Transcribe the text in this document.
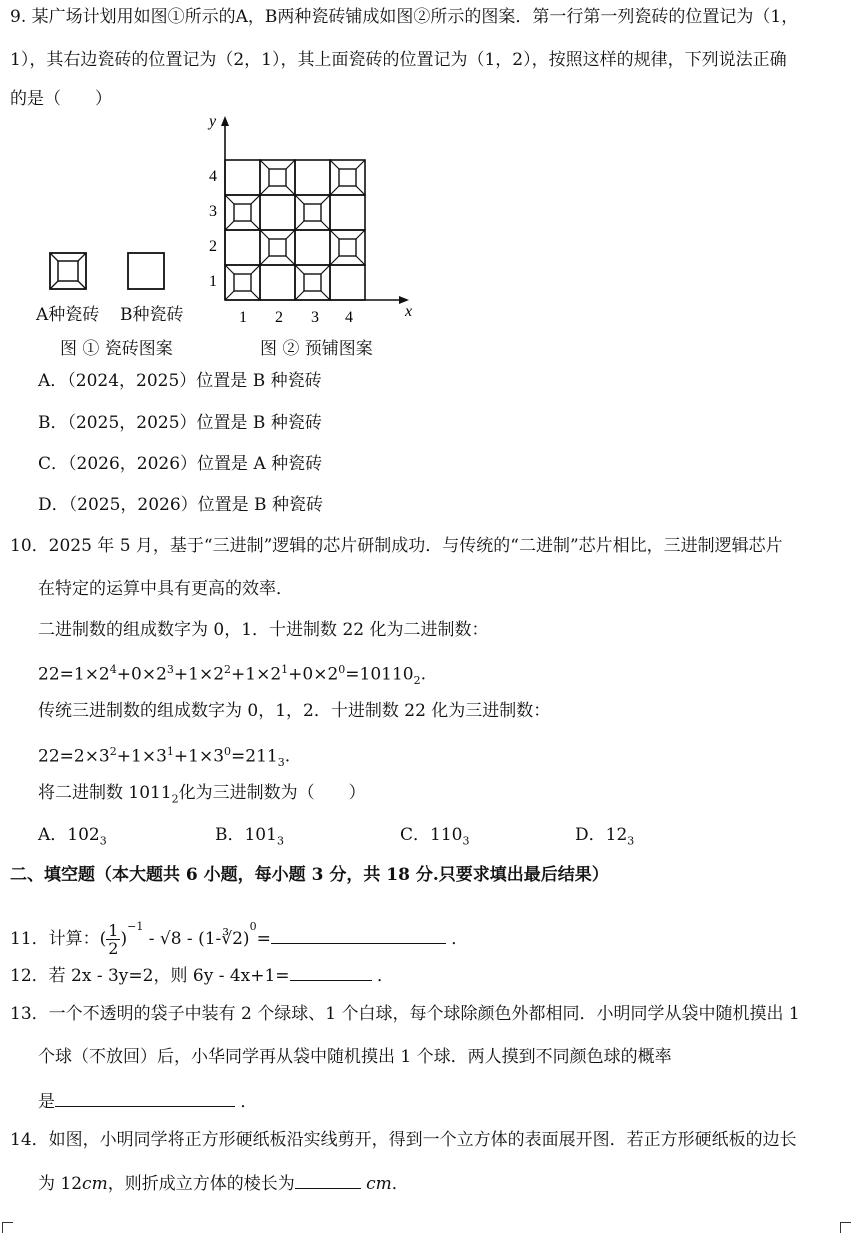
9. 某广场计划用如图①所示的A，B两种瓷砖铺成如图②所示的图案．第一行第一列瓷砖的位置记为（1，
1），其右边瓷砖的位置记为（2，1），其上面瓷砖的位置记为（1，2），按照这样的规律，下列说法正确
的是（　　）
A种瓷砖 B种瓷砖
图 ① 瓷砖图案
y
x
1 2 3 4
4
3
2
1
图 ② 预铺图案
A．（2024，2025）位置是 B 种瓷砖
B．（2025，2025）位置是 B 种瓷砖
C．（2026，2026）位置是 A 种瓷砖
D．（2025，2026）位置是 B 种瓷砖
10．2025 年 5 月，基于“三进制”逻辑的芯片研制成功．与传统的“二进制”芯片相比，三进制逻辑芯片
在特定的运算中具有更高的效率．
二进制数的组成数字为 0，1．十进制数 22 化为二进制数：
$22=1\times 2^4+0\times 2^3+1\times 2^2+1\times 2^1+0\times 2^0=10110_2$.
传统三进制数的组成数字为 0，1，2．十进制数 22 化为三进制数：
$22=2\times 3^2+1\times 3^1+1\times 3^0=211_3$.
将二进制数 $1011_2$化为三进制数为（　　）
A．$102_3$	B．$101_3$	C．$110_3$	D．$12_3$
二、填空题（本大题共 6 小题，每小题 3 分，共 18 分.只要求填出最后结果）
11．计算：( $\frac{1}{2} )^{-1} - √8$ - (1-∛2)$^0$=	．
12．若 2x - 3y=2，则 6y - 4x+1=	．
13．一个不透明的袋子中装有 2 个绿球、1 个白球，每个球除颜色外都相同．小明同学从袋中随机摸出 1
个球（不放回）后，小华同学再从袋中随机摸出 1 个球．两人摸到不同颜色球的概率
是	．
14．如图，小明同学将正方形硬纸板沿实线剪开，得到一个立方体的表面展开图．若正方形硬纸板的边长
为 12cm，则折成立方体的棱长为	cm．
